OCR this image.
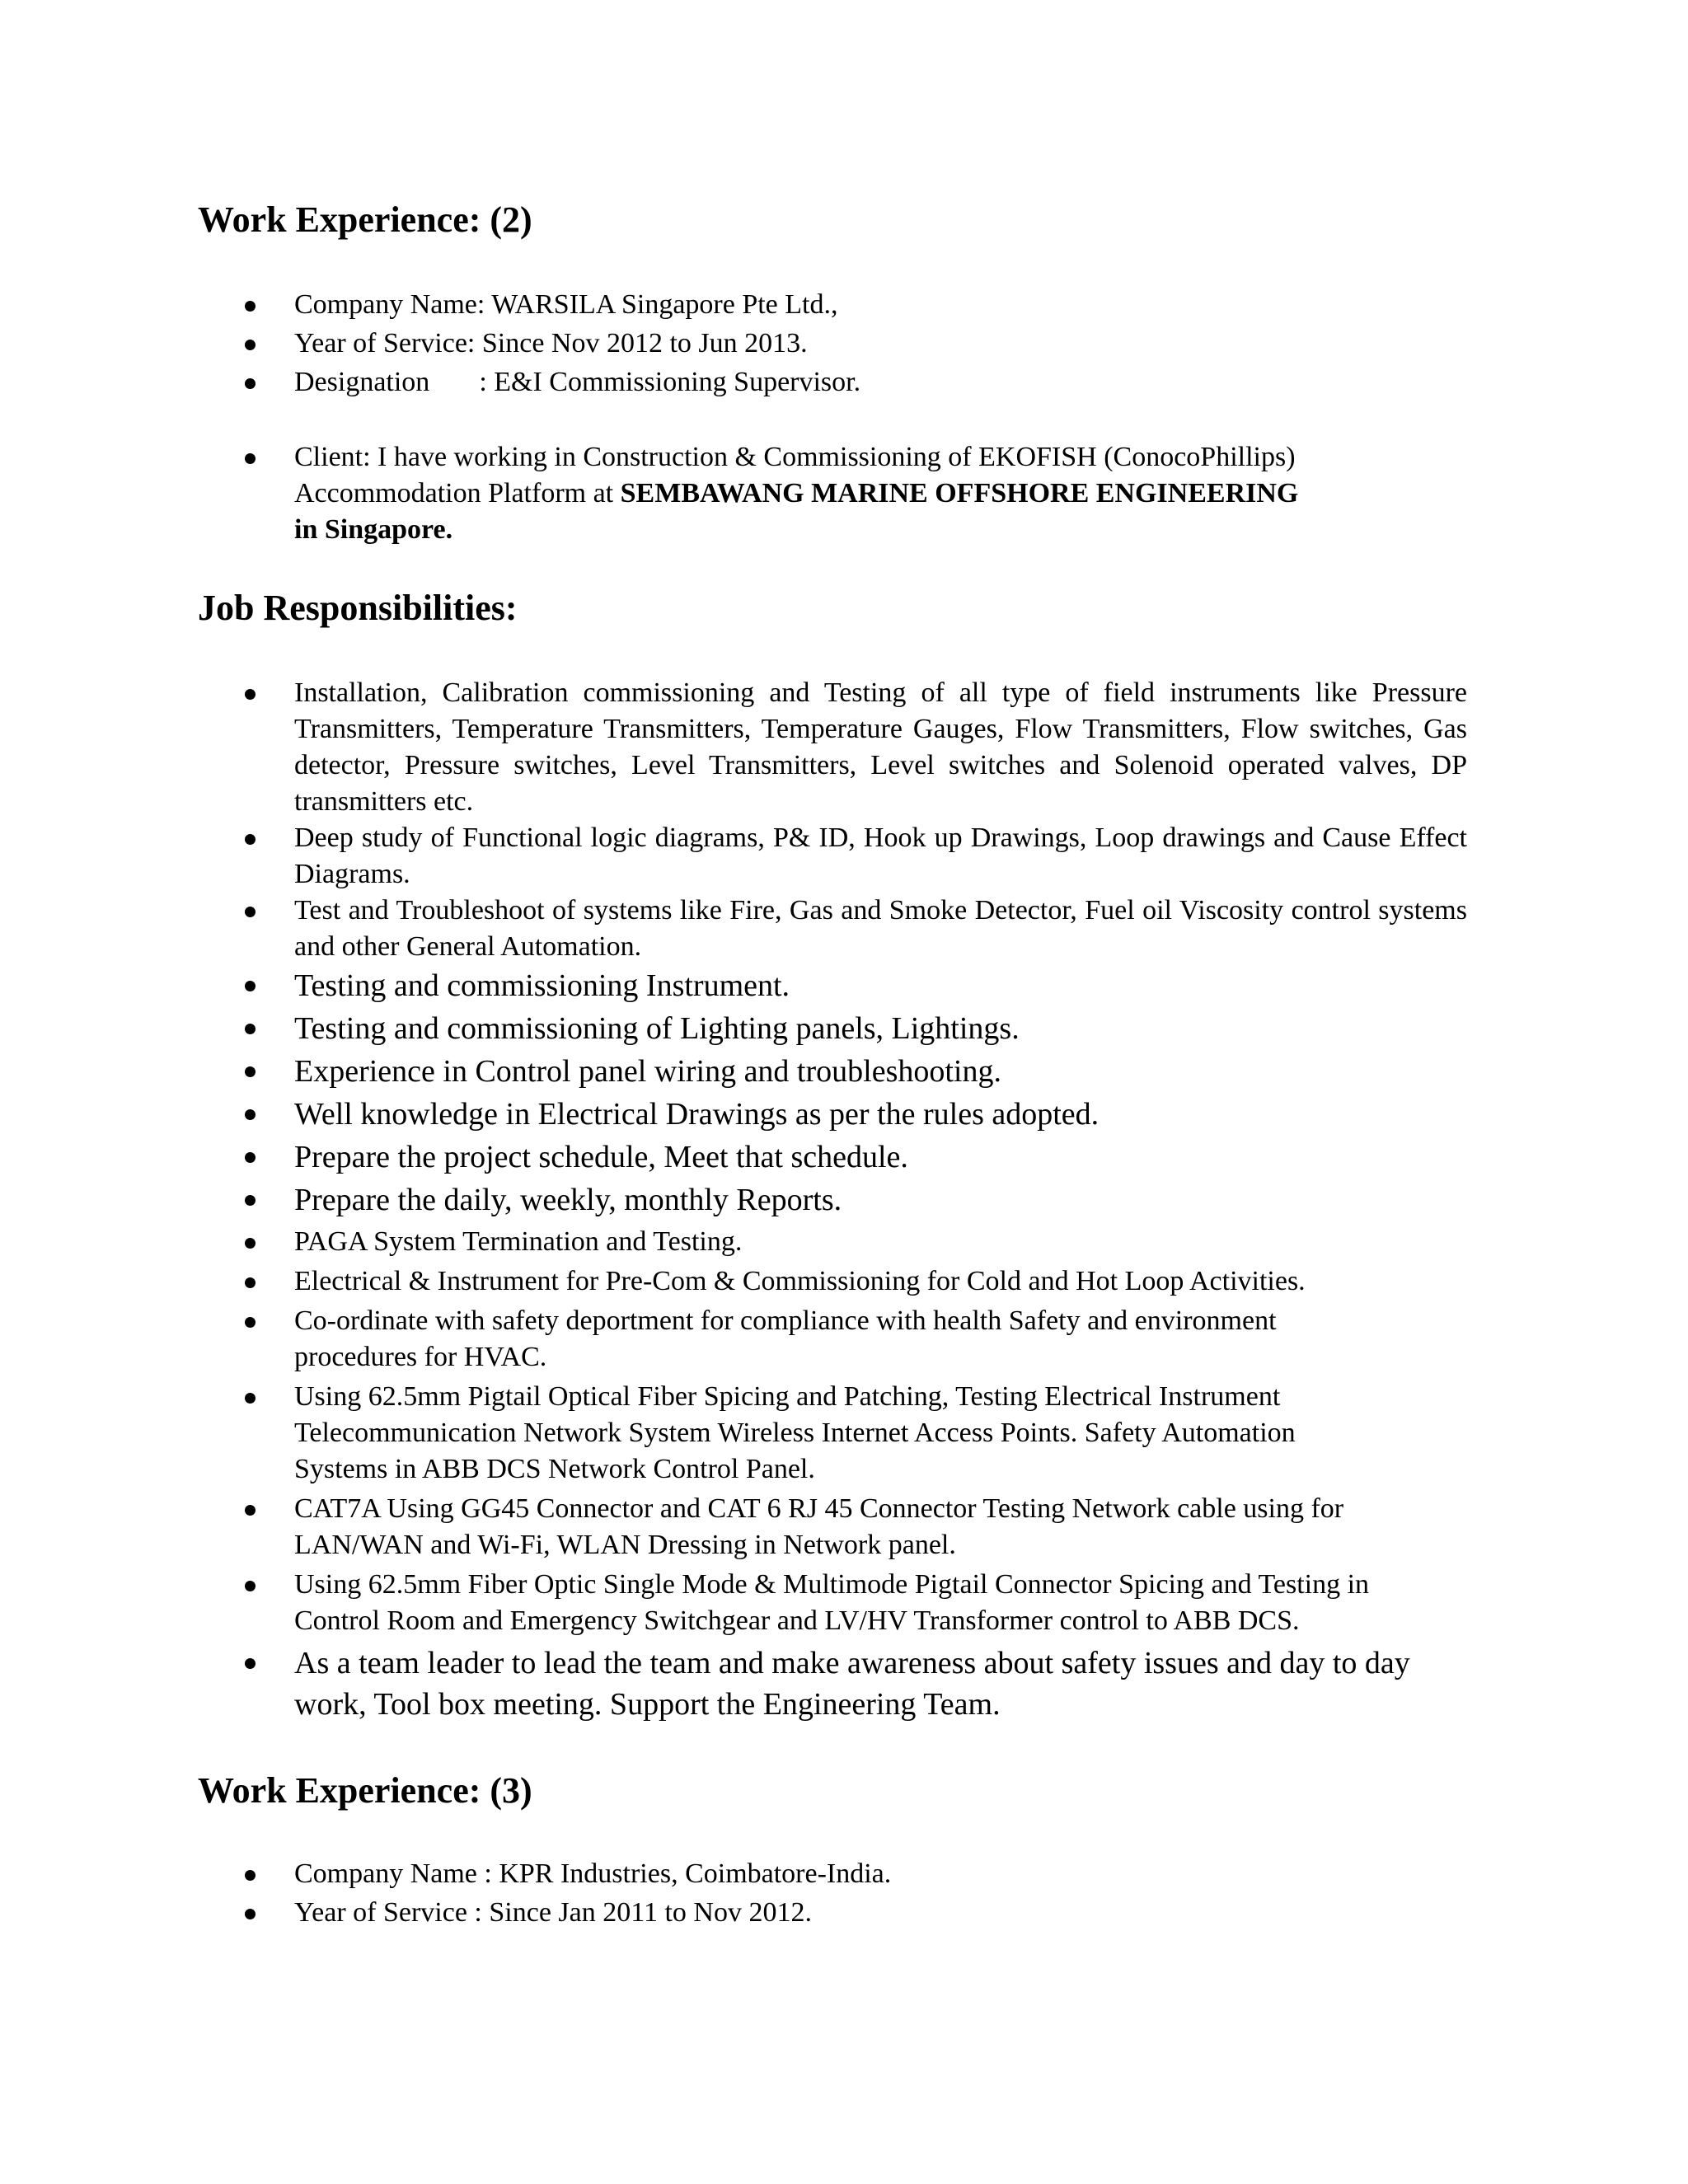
Work Experience: (2)
Company Name: WARSILA Singapore Pte Ltd.,
Year of Service: Since Nov 2012 to Jun 2013.
Designation : E&I Commissioning Supervisor.
Client: I have working in Construction & Commissioning of EKOFISH (ConocoPhillips) Accommodation Platform at SEMBAWANG MARINE OFFSHORE ENGINEERING
in Singapore.
Job Responsibilities:
Installation, Calibration commissioning and Testing of all type of field instruments like Pressure Transmitters, Temperature Transmitters, Temperature Gauges, Flow Transmitters, Flow switches, Gas detector, Pressure switches, Level Transmitters, Level switches and Solenoid operated valves, DP transmitters etc.
Deep study of Functional logic diagrams, P& ID, Hook up Drawings, Loop drawings and Cause Effect Diagrams.
Test and Troubleshoot of systems like Fire, Gas and Smoke Detector, Fuel oil Viscosity control systems and other General Automation.
Testing and commissioning Instrument.
Testing and commissioning of Lighting panels, Lightings.
Experience in Control panel wiring and troubleshooting.
Well knowledge in Electrical Drawings as per the rules adopted.
Prepare the project schedule, Meet that schedule.
Prepare the daily, weekly, monthly Reports.
PAGA System Termination and Testing.
Electrical & Instrument for Pre-Com & Commissioning for Cold and Hot Loop Activities.
Co-ordinate with safety deportment for compliance with health Safety and environment procedures for HVAC.
Using 62.5mm Pigtail Optical Fiber Spicing and Patching, Testing Electrical Instrument Telecommunication Network System Wireless Internet Access Points. Safety Automation Systems in ABB DCS Network Control Panel.
CAT7A Using GG45 Connector and CAT 6 RJ 45 Connector Testing Network cable using for LAN/WAN and Wi-Fi, WLAN Dressing in Network panel.
Using 62.5mm Fiber Optic Single Mode & Multimode Pigtail Connector Spicing and Testing in Control Room and Emergency Switchgear and LV/HV Transformer control to ABB DCS.
As a team leader to lead the team and make awareness about safety issues and day to day work, Tool box meeting. Support the Engineering Team.
Work Experience: (3)
Company Name : KPR Industries, Coimbatore-India.
Year of Service : Since Jan 2011 to Nov 2012.
